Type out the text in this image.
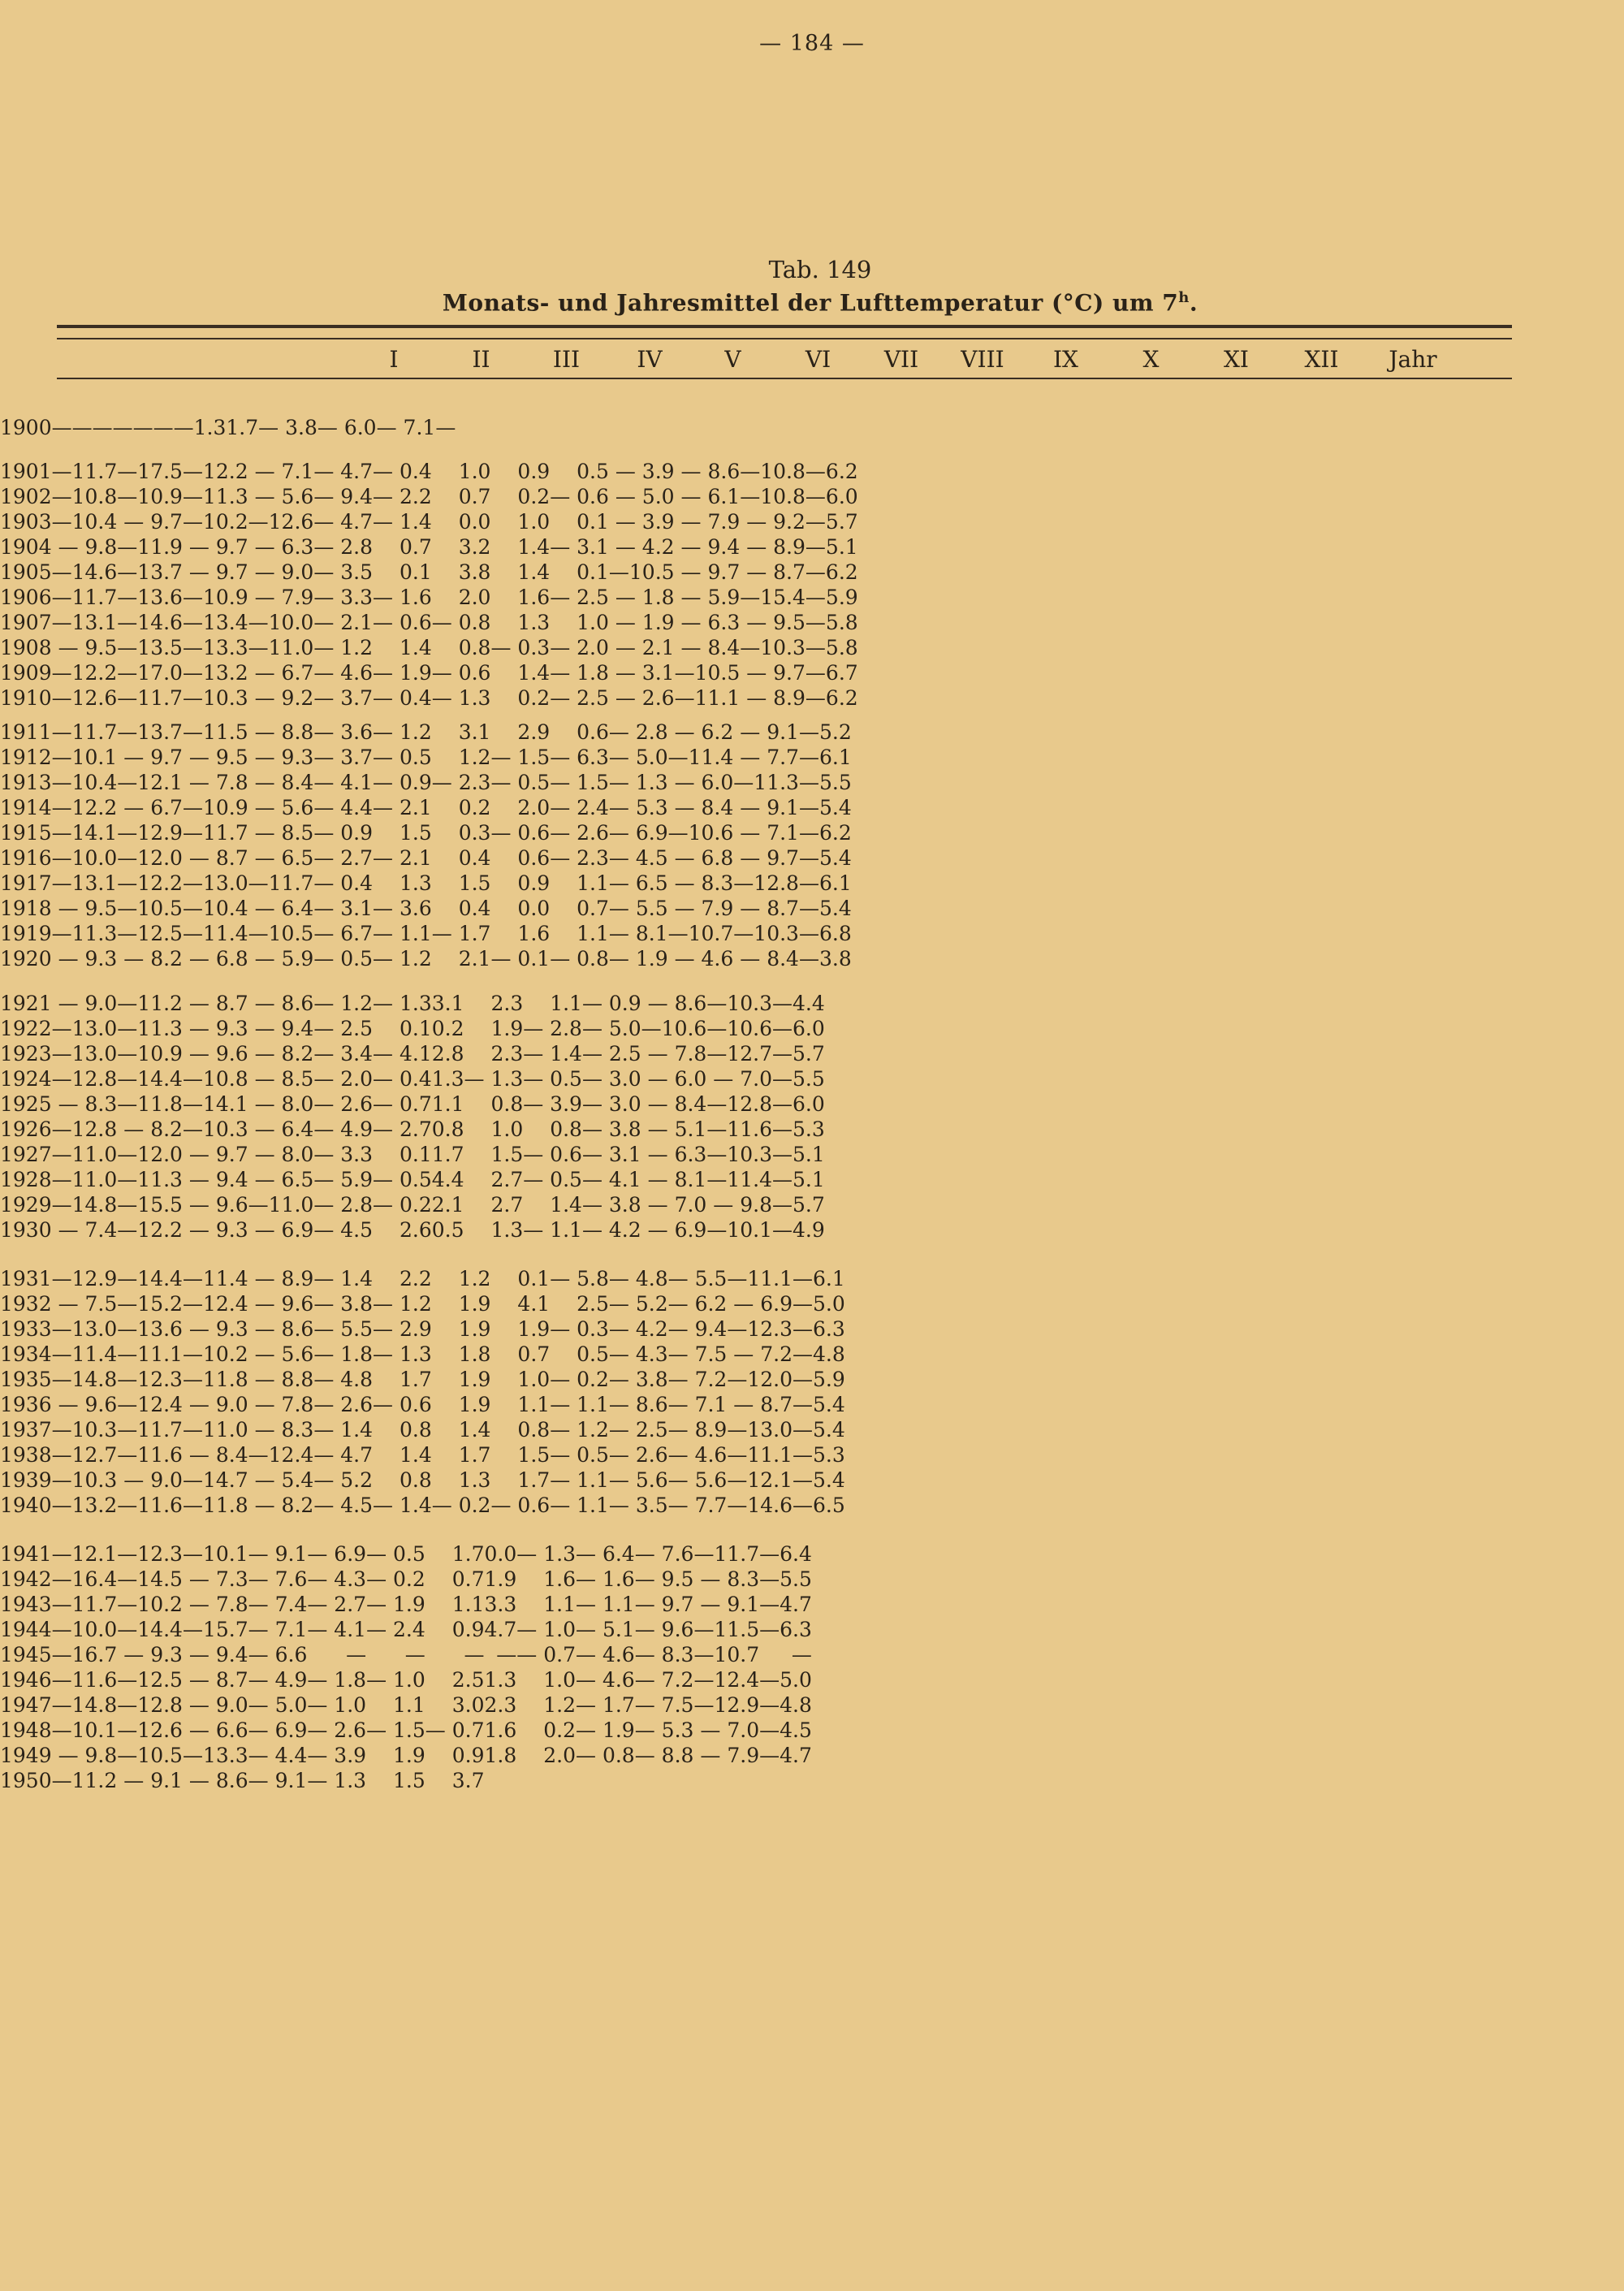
— 184 —
Tab. 149
Monats- und Jahresmittel der Lufttemperatur (°C) um 7$^h$.
	I	II	III	IV	V	VI	VII	VIII	IX	X	XI	XII	Jahr
	1900	—	—	—	—	—	—	—	1.3	1.7	— 3.8	— 6.0	— 7.1	—
	1901	—11.7	—17.5	—12.2	— 7.1	— 4.7	— 0.4	1.0	0.9	0.5	— 3.9	— 8.6	—10.8	—6.2
	1902	—10.8	—10.9	—11.3	— 5.6	— 9.4	— 2.2	0.7	0.2	— 0.6	— 5.0	— 6.1	—10.8	—6.0
	1903	—10.4	— 9.7	—10.2	—12.6	— 4.7	— 1.4	0.0	1.0	0.1	— 3.9	— 7.9	— 9.2	—5.7
	1904	— 9.8	—11.9	— 9.7	— 6.3	— 2.8	0.7	3.2	1.4	— 3.1	— 4.2	— 9.4	— 8.9	—5.1
	1905	—14.6	—13.7	— 9.7	— 9.0	— 3.5	0.1	3.8	1.4	0.1	—10.5	— 9.7	— 8.7	—6.2
	1906	—11.7	—13.6	—10.9	— 7.9	— 3.3	— 1.6	2.0	1.6	— 2.5	— 1.8	— 5.9	—15.4	—5.9
	1907	—13.1	—14.6	—13.4	—10.0	— 2.1	— 0.6	— 0.8	1.3	1.0	— 1.9	— 6.3	— 9.5	—5.8
	1908	— 9.5	—13.5	—13.3	—11.0	— 1.2	1.4	0.8	— 0.3	— 2.0	— 2.1	— 8.4	—10.3	—5.8
	1909	—12.2	—17.0	—13.2	— 6.7	— 4.6	— 1.9	— 0.6	1.4	— 1.8	— 3.1	—10.5	— 9.7	—6.7
	1910	—12.6	—11.7	—10.3	— 9.2	— 3.7	— 0.4	— 1.3	0.2	— 2.5	— 2.6	—11.1	— 8.9	—6.2
	1911	—11.7	—13.7	—11.5	— 8.8	— 3.6	— 1.2	3.1	2.9	0.6	— 2.8	— 6.2	— 9.1	—5.2
	1912	—10.1	— 9.7	— 9.5	— 9.3	— 3.7	— 0.5	1.2	— 1.5	— 6.3	— 5.0	—11.4	— 7.7	—6.1
	1913	—10.4	—12.1	— 7.8	— 8.4	— 4.1	— 0.9	— 2.3	— 0.5	— 1.5	— 1.3	— 6.0	—11.3	—5.5
	1914	—12.2	— 6.7	—10.9	— 5.6	— 4.4	— 2.1	0.2	2.0	— 2.4	— 5.3	— 8.4	— 9.1	—5.4
	1915	—14.1	—12.9	—11.7	— 8.5	— 0.9	1.5	0.3	— 0.6	— 2.6	— 6.9	—10.6	— 7.1	—6.2
	1916	—10.0	—12.0	— 8.7	— 6.5	— 2.7	— 2.1	0.4	0.6	— 2.3	— 4.5	— 6.8	— 9.7	—5.4
	1917	—13.1	—12.2	—13.0	—11.7	— 0.4	1.3	1.5	0.9	1.1	— 6.5	— 8.3	—12.8	—6.1
	1918	— 9.5	—10.5	—10.4	— 6.4	— 3.1	— 3.6	0.4	0.0	0.7	— 5.5	— 7.9	— 8.7	—5.4
	1919	—11.3	—12.5	—11.4	—10.5	— 6.7	— 1.1	— 1.7	1.6	1.1	— 8.1	—10.7	—10.3	—6.8
	1920	— 9.3	— 8.2	— 6.8	— 5.9	— 0.5	— 1.2	2.1	— 0.1	— 0.8	— 1.9	— 4.6	— 8.4	—3.8
	1921	— 9.0	—11.2	— 8.7	— 8.6	— 1.2	— 1.3	3.1	2.3	1.1	— 0.9	— 8.6	—10.3	—4.4
	1922	—13.0	—11.3	— 9.3	— 9.4	— 2.5	0.1	0.2	1.9	— 2.8	— 5.0	—10.6	—10.6	—6.0
	1923	—13.0	—10.9	— 9.6	— 8.2	— 3.4	— 4.1	2.8	2.3	— 1.4	— 2.5	— 7.8	—12.7	—5.7
	1924	—12.8	—14.4	—10.8	— 8.5	— 2.0	— 0.4	1.3	— 1.3	— 0.5	— 3.0	— 6.0	— 7.0	—5.5
	1925	— 8.3	—11.8	—14.1	— 8.0	— 2.6	— 0.7	1.1	0.8	— 3.9	— 3.0	— 8.4	—12.8	—6.0
	1926	—12.8	— 8.2	—10.3	— 6.4	— 4.9	— 2.7	0.8	1.0	0.8	— 3.8	— 5.1	—11.6	—5.3
	1927	—11.0	—12.0	— 9.7	— 8.0	— 3.3	0.1	1.7	1.5	— 0.6	— 3.1	— 6.3	—10.3	—5.1
	1928	—11.0	—11.3	— 9.4	— 6.5	— 5.9	— 0.5	4.4	2.7	— 0.5	— 4.1	— 8.1	—11.4	—5.1
	1929	—14.8	—15.5	— 9.6	—11.0	— 2.8	— 0.2	2.1	2.7	1.4	— 3.8	— 7.0	— 9.8	—5.7
	1930	— 7.4	—12.2	— 9.3	— 6.9	— 4.5	2.6	0.5	1.3	— 1.1	— 4.2	— 6.9	—10.1	—4.9
	1931	—12.9	—14.4	—11.4	— 8.9	— 1.4	2.2	1.2	0.1	— 5.8	— 4.8	— 5.5	—11.1	—6.1
	1932	— 7.5	—15.2	—12.4	— 9.6	— 3.8	— 1.2	1.9	4.1	2.5	— 5.2	— 6.2	— 6.9	—5.0
	1933	—13.0	—13.6	— 9.3	— 8.6	— 5.5	— 2.9	1.9	1.9	— 0.3	— 4.2	— 9.4	—12.3	—6.3
	1934	—11.4	—11.1	—10.2	— 5.6	— 1.8	— 1.3	1.8	0.7	0.5	— 4.3	— 7.5	— 7.2	—4.8
	1935	—14.8	—12.3	—11.8	— 8.8	— 4.8	1.7	1.9	1.0	— 0.2	— 3.8	— 7.2	—12.0	—5.9
	1936	— 9.6	—12.4	— 9.0	— 7.8	— 2.6	— 0.6	1.9	1.1	— 1.1	— 8.6	— 7.1	— 8.7	—5.4
	1937	—10.3	—11.7	—11.0	— 8.3	— 1.4	0.8	1.4	0.8	— 1.2	— 2.5	— 8.9	—13.0	—5.4
	1938	—12.7	—11.6	— 8.4	—12.4	— 4.7	1.4	1.7	1.5	— 0.5	— 2.6	— 4.6	—11.1	—5.3
	1939	—10.3	— 9.0	—14.7	— 5.4	— 5.2	0.8	1.3	1.7	— 1.1	— 5.6	— 5.6	—12.1	—5.4
	1940	—13.2	—11.6	—11.8	— 8.2	— 4.5	— 1.4	— 0.2	— 0.6	— 1.1	— 3.5	— 7.7	—14.6	—6.5
	1941	—12.1	—12.3	—10.1	— 9.1	— 6.9	— 0.5	1.7	0.0	— 1.3	— 6.4	— 7.6	—11.7	—6.4
	1942	—16.4	—14.5	— 7.3	— 7.6	— 4.3	— 0.2	0.7	1.9	1.6	— 1.6	— 9.5	— 8.3	—5.5
	1943	—11.7	—10.2	— 7.8	— 7.4	— 2.7	— 1.9	1.1	3.3	1.1	— 1.1	— 9.7	— 9.1	—4.7
	1944	—10.0	—14.4	—15.7	— 7.1	— 4.1	— 2.4	0.9	4.7	— 1.0	— 5.1	— 9.6	—11.5	—6.3
	1945	—16.7	— 9.3	— 9.4	— 6.6	—	—	—	—	— 0.7	— 4.6	— 8.3	—10.7	—
	1946	—11.6	—12.5	— 8.7	— 4.9	— 1.8	— 1.0	2.5	1.3	1.0	— 4.6	— 7.2	—12.4	—5.0
	1947	—14.8	—12.8	— 9.0	— 5.0	— 1.0	1.1	3.0	2.3	1.2	— 1.7	— 7.5	—12.9	—4.8
	1948	—10.1	—12.6	— 6.6	— 6.9	— 2.6	— 1.5	— 0.7	1.6	0.2	— 1.9	— 5.3	— 7.0	—4.5
	1949	— 9.8	—10.5	—13.3	— 4.4	— 3.9	1.9	0.9	1.8	2.0	— 0.8	— 8.8	— 7.9	—4.7
	1950	—11.2	— 9.1	— 8.6	— 9.1	— 1.3	1.5	3.7						
